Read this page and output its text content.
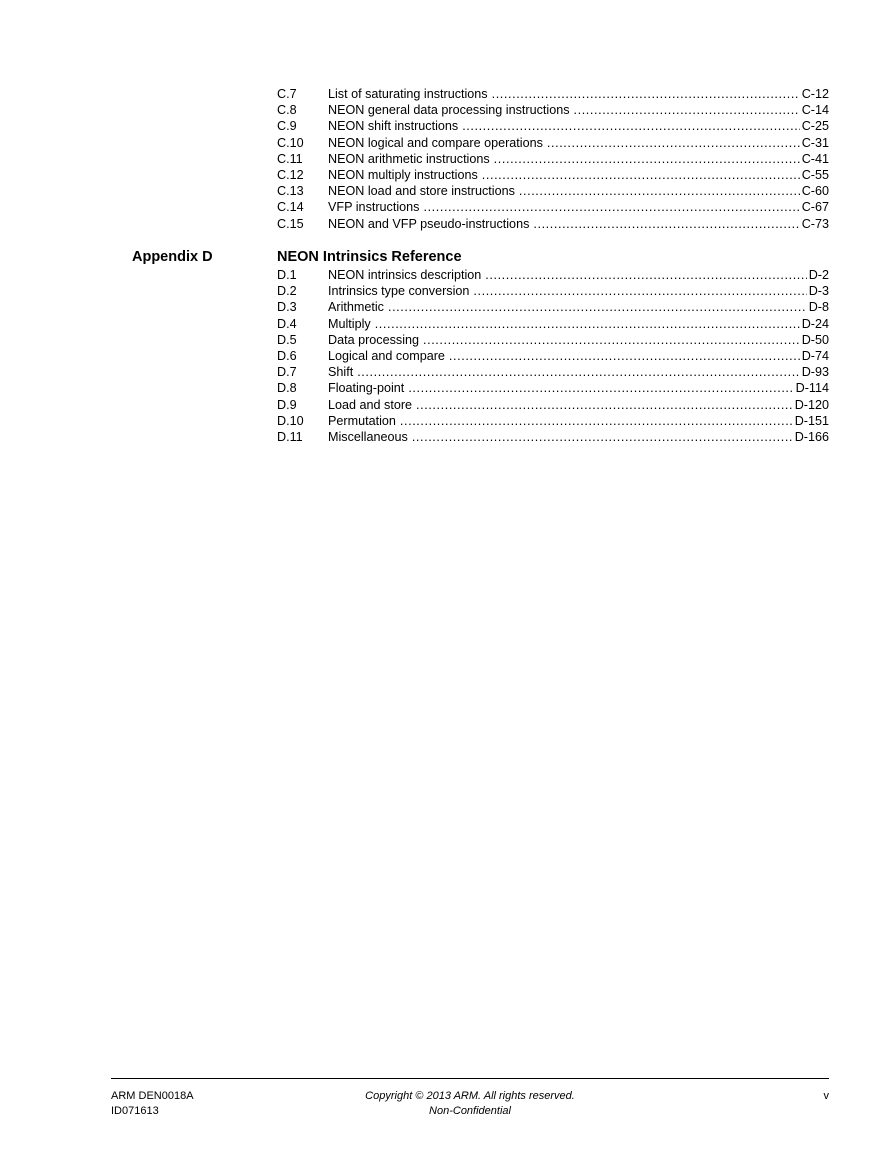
C.7	List of saturating instructions .....	C-12
C.8	NEON general data processing instructions .....	C-14
C.9	NEON shift instructions .....	C-25
C.10	NEON logical and compare operations .....	C-31
C.11	NEON arithmetic instructions .....	C-41
C.12	NEON multiply instructions .....	C-55
C.13	NEON load and store instructions .....	C-60
C.14	VFP instructions .....	C-67
C.15	NEON and VFP pseudo-instructions .....	C-73
Appendix D	NEON Intrinsics Reference
D.1	NEON intrinsics description .....	D-2
D.2	Intrinsics type conversion .....	D-3
D.3	Arithmetic .....	D-8
D.4	Multiply .....	D-24
D.5	Data processing .....	D-50
D.6	Logical and compare .....	D-74
D.7	Shift .....	D-93
D.8	Floating-point .....	D-114
D.9	Load and store .....	D-120
D.10	Permutation .....	D-151
D.11	Miscellaneous .....	D-166
ARM DEN0018A
ID071613
Copyright © 2013 ARM. All rights reserved.
Non-Confidential
v
